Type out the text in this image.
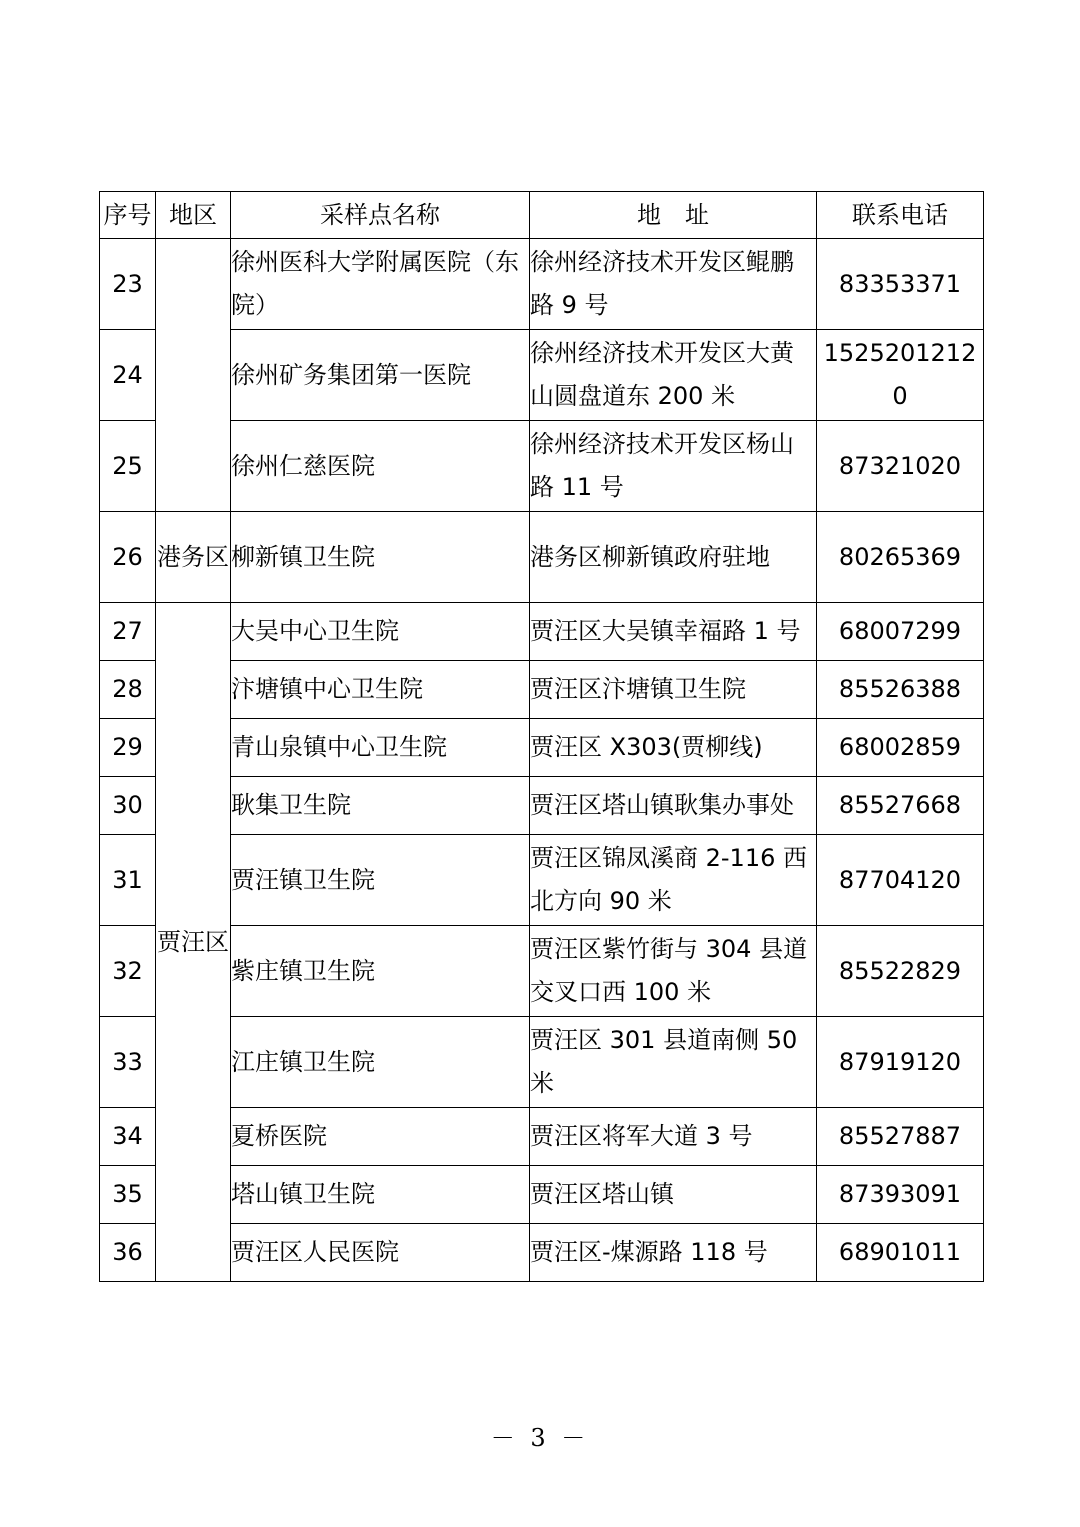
序号	地区	采样点名称	地　址	联系电话
23		徐州医科大学附属医院（东院）	徐州经济技术开发区鲲鹏路 9 号	83353371
24		徐州矿务集团第一医院	徐州经济技术开发区大黄山圆盘道东 200 米	15252012120
25		徐州仁慈医院	徐州经济技术开发区杨山路 11 号	87321020
26	港务区	柳新镇卫生院	港务区柳新镇政府驻地	80265369
27	贾汪区	大吴中心卫生院	贾汪区大吴镇幸福路 1 号	68007299
28		汴塘镇中心卫生院	贾汪区汴塘镇卫生院	85526388
29		青山泉镇中心卫生院	贾汪区 X303(贾柳线)	68002859
30		耿集卫生院	贾汪区塔山镇耿集办事处	85527668
31		贾汪镇卫生院	贾汪区锦凤溪商 2-116 西北方向 90 米	87704120
32		紫庄镇卫生院	贾汪区紫竹街与 304 县道交叉口西 100 米	85522829
33		江庄镇卫生院	贾汪区 301 县道南侧 50 米	87919120
34		夏桥医院	贾汪区将军大道 3 号	85527887
35		塔山镇卫生院	贾汪区塔山镇	87393091
36		贾汪区人民医院	贾汪区-煤源路 118 号	68901011
－ 3 －
